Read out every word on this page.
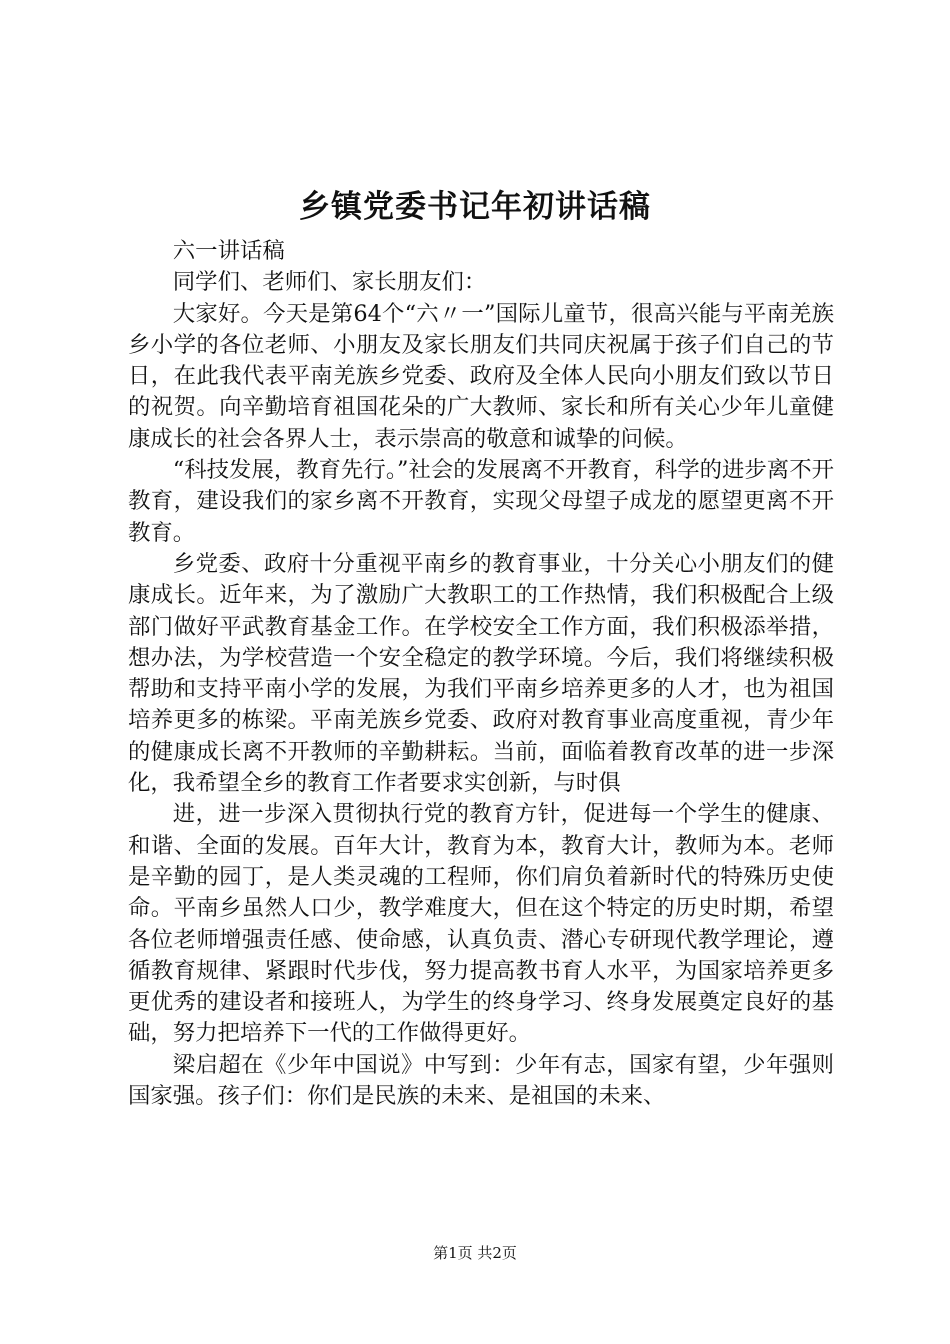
乡镇党委书记年初讲话稿

六一讲话稿

同学们、老师们、家长朋友们：

大家好。今天是第64个“六〃一”国际儿童节，很高兴能与平南羌族乡小学的各位老师、小朋友及家长朋友们共同庆祝属于孩子们自己的节日，在此我代表平南羌族乡党委、政府及全体人民向小朋友们致以节日的祝贺。向辛勤培育祖国花朵的广大教师、家长和所有关心少年儿童健康成长的社会各界人士，表示崇高的敬意和诚挚的问候。

“科技发展，教育先行。”社会的发展离不开教育，科学的进步离不开教育，建设我们的家乡离不开教育，实现父母望子成龙的愿望更离不开教育。

乡党委、政府十分重视平南乡的教育事业，十分关心小朋友们的健康成长。近年来，为了激励广大教职工的工作热情，我们积极配合上级部门做好平武教育基金工作。在学校安全工作方面，我们积极添举措，想办法，为学校营造一个安全稳定的教学环境。今后，我们将继续积极帮助和支持平南小学的发展，为我们平南乡培养更多的人才，也为祖国培养更多的栋梁。平南羌族乡党委、政府对教育事业高度重视，青少年的健康成长离不开教师的辛勤耕耘。当前，面临着教育改革的进一步深化，我希望全乡的教育工作者要求实创新，与时俱

进，进一步深入贯彻执行党的教育方针，促进每一个学生的健康、和谐、全面的发展。百年大计，教育为本，教育大计，教师为本。老师是辛勤的园丁，是人类灵魂的工程师，你们肩负着新时代的特殊历史使命。平南乡虽然人口少，教学难度大，但在这个特定的历史时期，希望各位老师增强责任感、使命感，认真负责、潜心专研现代教学理论，遵循教育规律、紧跟时代步伐，努力提高教书育人水平，为国家培养更多更优秀的建设者和接班人，为学生的终身学习、终身发展奠定良好的基础，努力把培养下一代的工作做得更好。

梁启超在《少年中国说》中写到：少年有志，国家有望，少年强则国家强。孩子们：你们是民族的未来、是祖国的未来、

第1页 共2页
